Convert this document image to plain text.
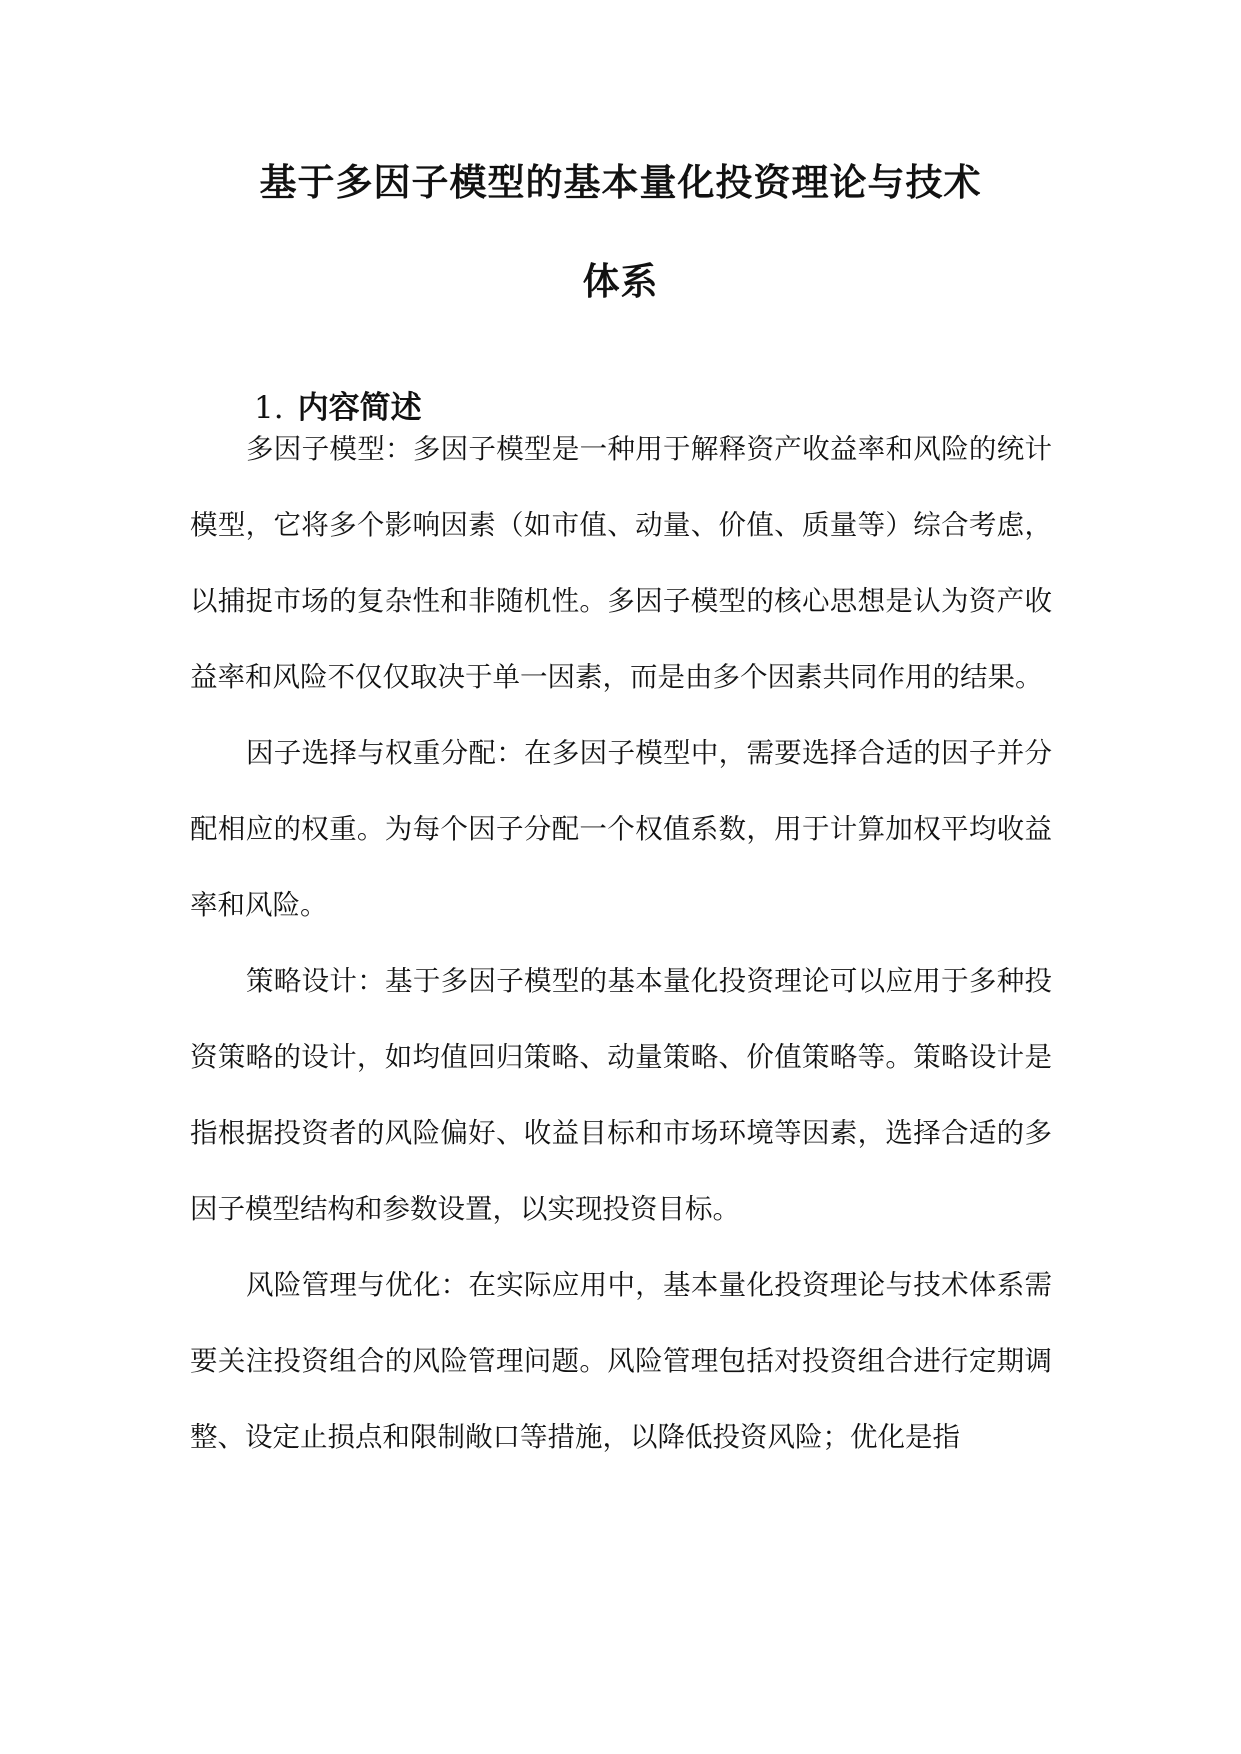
基于多因子模型的基本量化投资理论与技术
体系
1. 内容简述

多因子模型：多因子模型是一种用于解释资产收益率和风险的统计模型，它将多个影响因素（如市值、动量、价值、质量等）综合考虑，以捕捉市场的复杂性和非随机性。多因子模型的核心思想是认为资产收益率和风险不仅仅取决于单一因素，而是由多个因素共同作用的结果。

因子选择与权重分配：在多因子模型中，需要选择合适的因子并分配相应的权重。为每个因子分配一个权值系数，用于计算加权平均收益率和风险。

策略设计：基于多因子模型的基本量化投资理论可以应用于多种投资策略的设计，如均值回归策略、动量策略、价值策略等。策略设计是指根据投资者的风险偏好、收益目标和市场环境等因素，选择合适的多因子模型结构和参数设置，以实现投资目标。

风险管理与优化：在实际应用中，基本量化投资理论与技术体系需要关注投资组合的风险管理问题。风险管理包括对投资组合进行定期调整、设定止损点和限制敞口等措施，以降低投资风险；优化是指
